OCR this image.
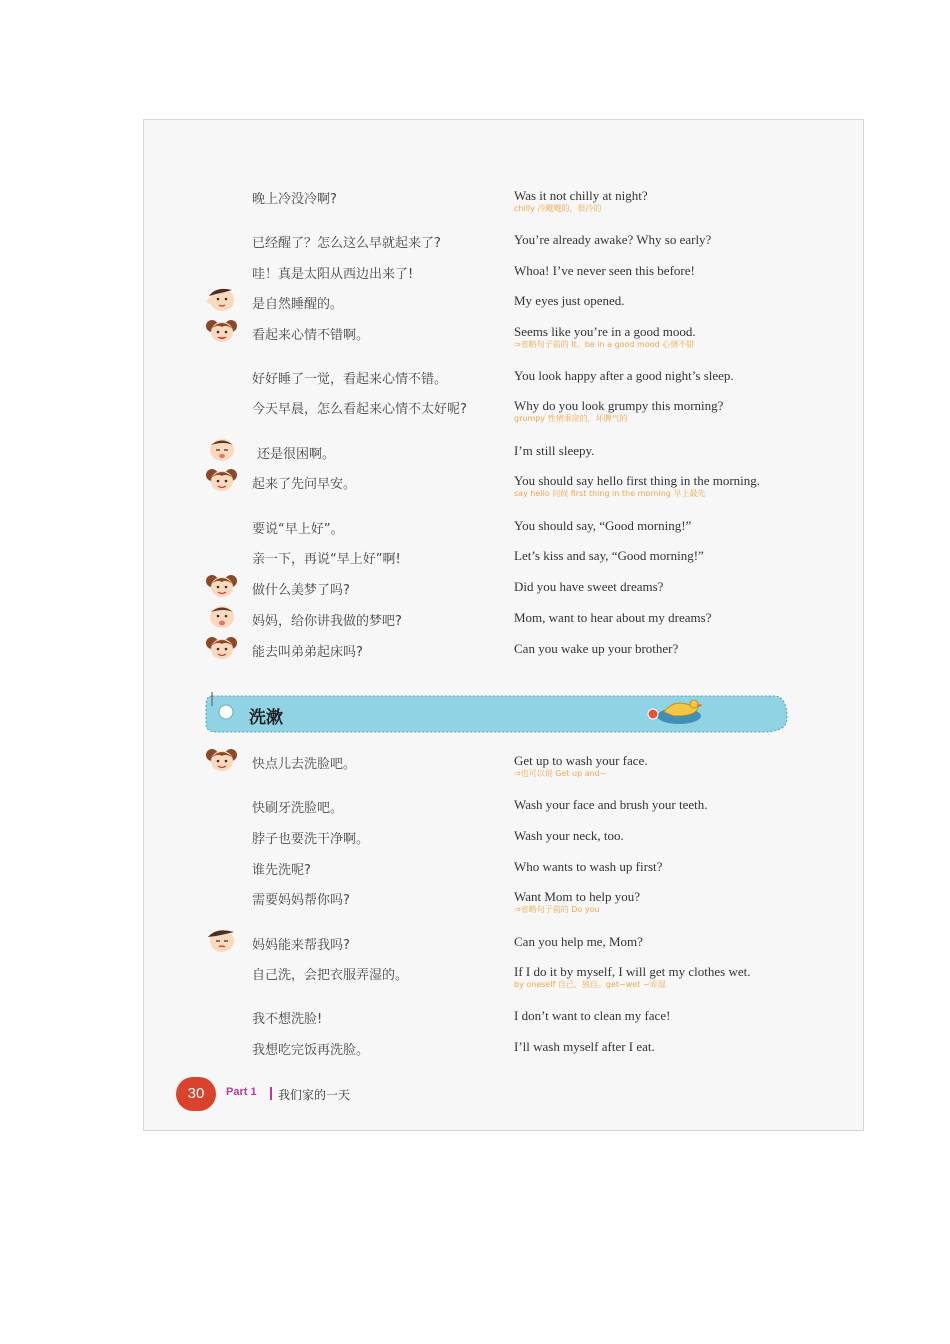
晚上冷没冷啊?	Was it not chilly at night?
chilly 冷飕飕的，很冷的
已经醒了？怎么这么早就起来了?	You’re already awake? Why so early?
哇！真是太阳从西边出来了!	Whoa! I’ve never seen this before!
是自然睡醒的。	My eyes just opened.
看起来心情不错啊。	Seems like you’re in a good mood.
⇒省略句子前的 It。be in a good mood 心情不错
好好睡了一觉，看起来心情不错。	You look happy after a good night’s sleep.
今天早晨，怎么看起来心情不太好呢?	Why do you look grumpy this morning?
grumpy 性情乖戾的，坏脾气的
还是很困啊。	I’m still sleepy.
起来了先问早安。	You should say hello first thing in the morning.
say hello 问候 first thing in the morning 早上最先
要说“早上好”。	You should say, “Good morning!”
亲一下，再说“早上好”啊!	Let’s kiss and say, “Good morning!”
做什么美梦了吗?	Did you have sweet dreams?
妈妈，给你讲我做的梦吧?	Mom, want to hear about my dreams?
能去叫弟弟起床吗?	Can you wake up your brother?
洗漱
快点儿去洗脸吧。	Get up to wash your face.
⇒也可以说 Get up and~
快刷牙洗脸吧。	Wash your face and brush your teeth.
脖子也要洗干净啊。	Wash your neck, too.
谁先洗呢?	Who wants to wash up first?
需要妈妈帮你吗?	Want Mom to help you?
⇒省略句子前的 Do you
妈妈能来帮我吗?	Can you help me, Mom?
自己洗，会把衣服弄湿的。	If I do it by myself, I will get my clothes wet.
by oneself 自己，独自。get~wet ~弄湿
我不想洗脸!	I don’t want to clean my face!
我想吃完饭再洗脸。	I’ll wash myself after I eat.
30	Part 1 我们家的一天
